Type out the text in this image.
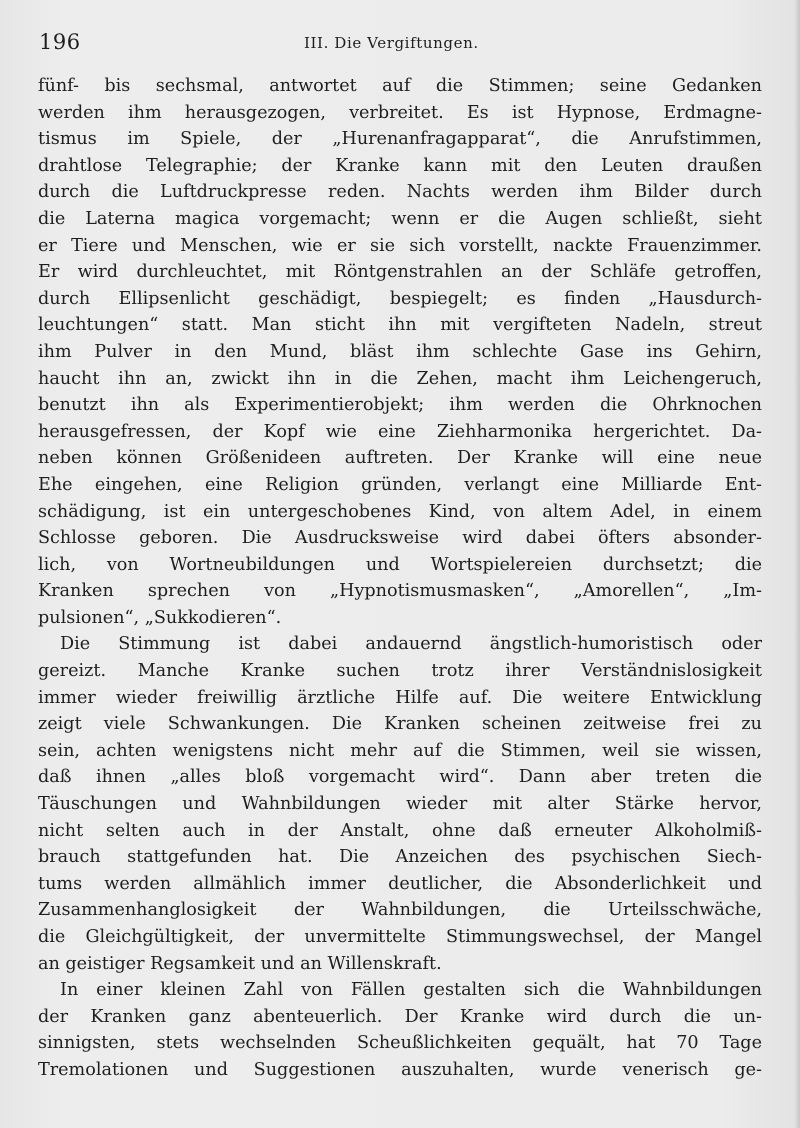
196	III. Die Vergiftungen.
fünf- bis sechsmal, antwortet auf die Stimmen; seine Gedanken
werden ihm herausgezogen, verbreitet. Es ist Hypnose, Erdmagne-
tismus im Spiele, der „Hurenanfragapparat“, die Anrufstimmen,
drahtlose Telegraphie; der Kranke kann mit den Leuten draußen
durch die Luftdruckpresse reden. Nachts werden ihm Bilder durch
die Laterna magica vorgemacht; wenn er die Augen schließt, sieht
er Tiere und Menschen, wie er sie sich vorstellt, nackte Frauenzimmer.
Er wird durchleuchtet, mit Röntgenstrahlen an der Schläfe getroffen,
durch Ellipsenlicht geschädigt, bespiegelt; es finden „Hausdurch-
leuchtungen“ statt. Man sticht ihn mit vergifteten Nadeln, streut
ihm Pulver in den Mund, bläst ihm schlechte Gase ins Gehirn,
haucht ihn an, zwickt ihn in die Zehen, macht ihm Leichengeruch,
benutzt ihn als Experimentierobjekt; ihm werden die Ohrknochen
herausgefressen, der Kopf wie eine Ziehharmonika hergerichtet. Da-
neben können Größenideen auftreten. Der Kranke will eine neue
Ehe eingehen, eine Religion gründen, verlangt eine Milliarde Ent-
schädigung, ist ein untergeschobenes Kind, von altem Adel, in einem
Schlosse geboren. Die Ausdrucksweise wird dabei öfters absonder-
lich, von Wortneubildungen und Wortspielereien durchsetzt; die
Kranken sprechen von „Hypnotismusmasken“, „Amorellen“, „Im-
pulsionen“, „Sukkodieren“.
Die Stimmung ist dabei andauernd ängstlich-humoristisch oder
gereizt. Manche Kranke suchen trotz ihrer Verständnislosigkeit
immer wieder freiwillig ärztliche Hilfe auf. Die weitere Entwicklung
zeigt viele Schwankungen. Die Kranken scheinen zeitweise frei zu
sein, achten wenigstens nicht mehr auf die Stimmen, weil sie wissen,
daß ihnen „alles bloß vorgemacht wird“. Dann aber treten die
Täuschungen und Wahnbildungen wieder mit alter Stärke hervor,
nicht selten auch in der Anstalt, ohne daß erneuter Alkoholmiß-
brauch stattgefunden hat. Die Anzeichen des psychischen Siech-
tums werden allmählich immer deutlicher, die Absonderlichkeit und
Zusammenhanglosigkeit der Wahnbildungen, die Urteilsschwäche,
die Gleichgültigkeit, der unvermittelte Stimmungswechsel, der Mangel
an geistiger Regsamkeit und an Willenskraft.
In einer kleinen Zahl von Fällen gestalten sich die Wahnbildungen
der Kranken ganz abenteuerlich. Der Kranke wird durch die un-
sinnigsten, stets wechselnden Scheußlichkeiten gequält, hat 70 Tage
Tremolationen und Suggestionen auszuhalten, wurde venerisch ge-
